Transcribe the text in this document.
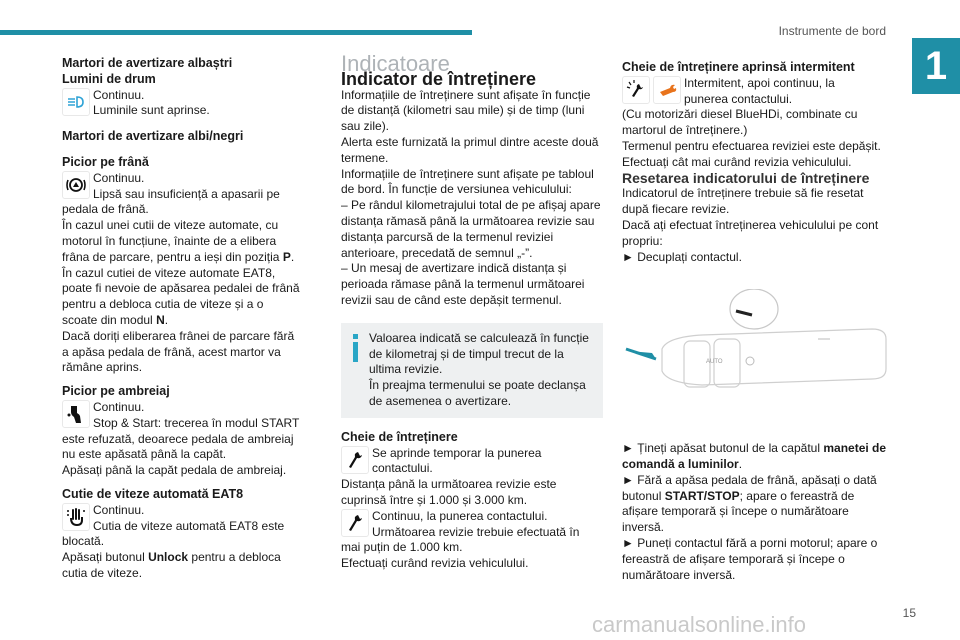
Instrumente de bord
1

Martori de avertizare albaștri

Lumini de drum

Continuu.

Luminile sunt aprinse.

Martori de avertizare albi/negri

Picior pe frână

Continuu.

Lipsă sau insuficiență a apasarii pe

pedala de frână.

În cazul unei cutii de viteze automate, cu motorul în funcțiune, înainte de a elibera frâna de parcare, pentru a ieși din poziția P.

În cazul cutiei de viteze automate EAT8, poate fi nevoie de apăsarea pedalei de frână pentru a debloca cutia de viteze și a o scoate din modul N.

Dacă doriți eliberarea frânei de parcare fără a apăsa pedala de frână, acest martor va rămâne aprins.

Picior pe ambreiaj

Continuu.

Stop & Start: trecerea în modul START

este refuzată, deoarece pedala de ambreiaj nu este apăsată până la capăt.

Apăsați până la capăt pedala de ambreiaj.

Cutie de viteze automată EAT8

Continuu.

Cutia de viteze automată EAT8 este

blocată.

Apăsați butonul Unlock pentru a debloca cutia de viteze.

Indicatoare

Indicator de întreținere

Informațiile de întreținere sunt afișate în funcție de distanță (kilometri sau mile) și de timp (luni sau zile).

Alerta este furnizată la primul dintre aceste două termene.

Informațiile de întreținere sunt afișate pe tabloul de bord. În funcție de versiunea vehiculului:

– Pe rândul kilometrajului total de pe afișaj apare distanța rămasă până la următoarea revizie sau distanța parcursă de la termenul reviziei anterioare, precedată de semnul „-”.

– Un mesaj de avertizare indică distanța și perioada rămase până la termenul următoarei revizii sau de când este depășit termenul.

Valoarea indicată se calculează în funcție de kilometraj și de timpul trecut de la ultima revizie.

În preajma termenului se poate declanșa de asemenea o avertizare.

Cheie de întreținere

Se aprinde temporar la punerea

contactului.

Distanța până la următoarea revizie este cuprinsă între și 1.000 și 3.000 km.

Continuu, la punerea contactului.

Următoarea revizie trebuie efectuată în

mai puțin de 1.000 km.

Efectuați curând revizia vehiculului.

Cheie de întreținere aprinsă intermitent

Intermitent, apoi continuu, la

punerea contactului.

(Cu motorizări diesel BlueHDi, combinate cu martorul de întreținere.)

Termenul pentru efectuarea reviziei este depășit. Efectuați cât mai curând revizia vehiculului.

Resetarea indicatorului de întreținere

Indicatorul de întreținere trebuie să fie resetat după fiecare revizie.

Dacă ați efectuat întreținerea vehiculului pe cont propriu:

► Decuplați contactul.

AUTO

► Țineți apăsat butonul de la capătul manetei de comandă a luminilor.

► Fără a apăsa pedala de frână, apăsați o dată butonul START/STOP; apare o fereastră de afișare temporară și începe o numărătoare inversă.

► Puneți contactul fără a porni motorul; apare o fereastră de afișare temporară și începe o numărătoare inversă.

15
carmanualsonline.info
